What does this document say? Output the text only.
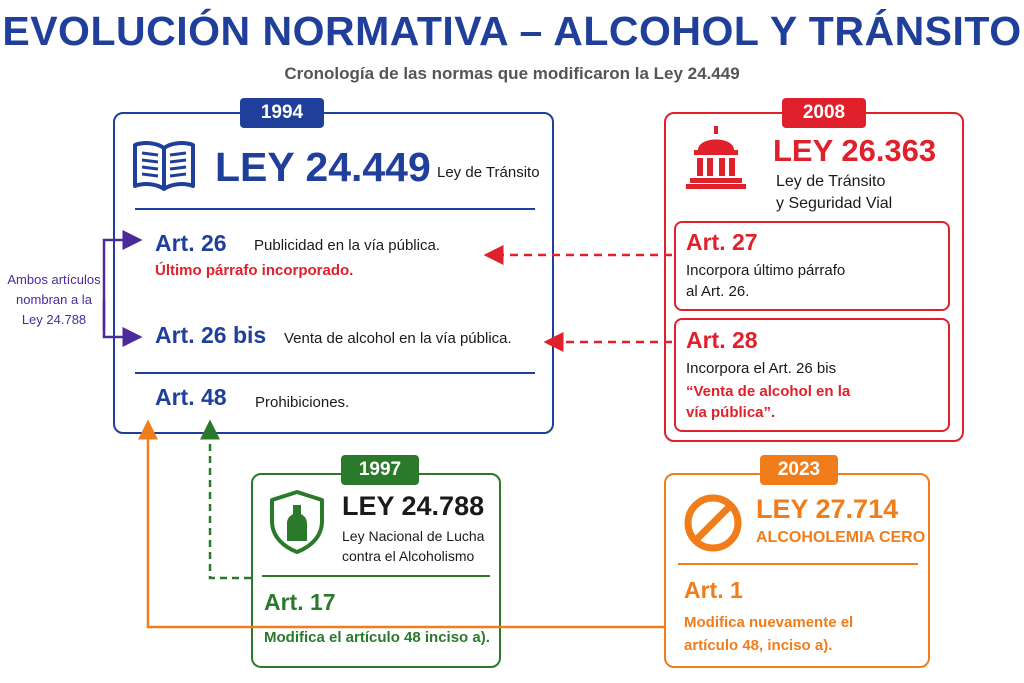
EVOLUCIÓN NORMATIVA – ALCOHOL Y TRÁNSITO
Cronología de las normas que modificaron la Ley 24.449
1994
LEY 24.449 Ley de Tránsito
Art. 26 Publicidad en la vía pública.
Último párrafo incorporado.
Art. 26 bis Venta de alcohol en la vía pública.
Art. 48 Prohibiciones.
2008
LEY 26.363
Ley de Tránsito
y Seguridad Vial
Art. 27
Incorpora último párrafo
al Art. 26.
Art. 28
Incorpora el Art. 26 bis
“Venta de alcohol en la
vía pública”.
1997
LEY 24.788
Ley Nacional de Lucha
contra el Alcoholismo
Art. 17
Modifica el artículo 48 inciso a).
2023
LEY 27.714
ALCOHOLEMIA CERO
Art. 1
Modifica nuevamente el
artículo 48, inciso a).
Ambos artículos
nombran a la
Ley 24.788
